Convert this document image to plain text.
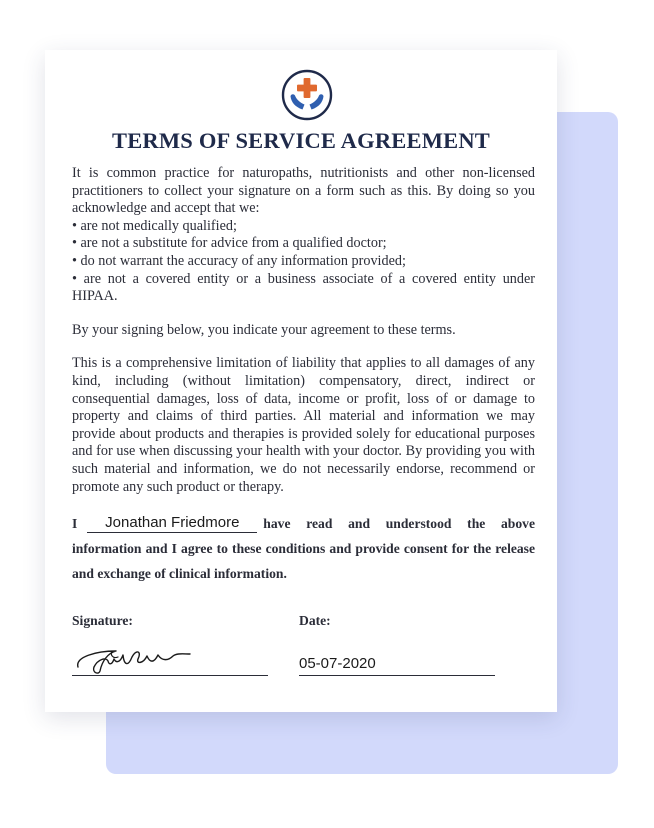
TERMS OF SERVICE AGREEMENT

It is common practice for naturopaths, nutritionists and other non-licensed practitioners to collect your signature on a form such as this. By doing so you acknowledge and accept that we:

• are not medically qualified;
• are not a substitute for advice from a qualified doctor;
• do not warrant the accuracy of any information provided;
• are not a covered entity or a business associate of a covered entity under HIPAA.

By your signing below, you indicate your agreement to these terms.

This is a comprehensive limitation of liability that applies to all damages of any kind, including (without limitation) compensatory, direct, indirect or consequential damages, loss of data, income or profit, loss of or damage to property and claims of third parties. All material and information we may provide about products and therapies is provided solely for educational purposes and for use when discussing your health with your doctor. By providing you with such material and information, we do not necessarily endorse, recommend or promote any such product or therapy.

I Jonathan Friedmore have read and understood the above information and I agree to these conditions and provide consent for the release and exchange of clinical information.
Signature:	Date:
05-07-2020
